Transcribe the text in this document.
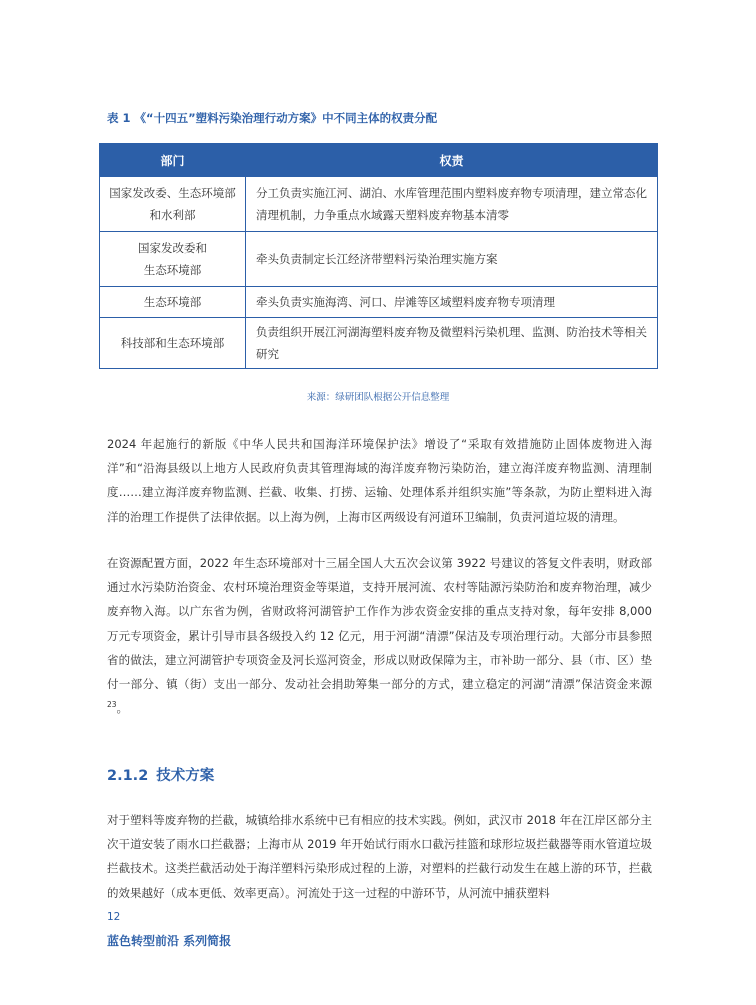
表 1 《“十四五”塑料污染治理行动方案》中不同主体的权责分配
部门	权责
国家发改委、生态环境部
和水利部	分工负责实施江河、湖泊、水库管理范围内塑料废弃物专项清理，建立常态化清理机制，力争重点水域露天塑料废弃物基本清零
国家发改委和
生态环境部	牵头负责制定长江经济带塑料污染治理实施方案
生态环境部	牵头负责实施海湾、河口、岸滩等区域塑料废弃物专项清理
科技部和生态环境部	负责组织开展江河湖海塑料废弃物及微塑料污染机理、监测、防治技术等相关研究
来源：绿研团队根据公开信息整理

2024 年起施行的新版《中华人民共和国海洋环境保护法》增设了“采取有效措施防止固体废物进入海洋”和“沿海县级以上地方人民政府负责其管理海域的海洋废弃物污染防治，建立海洋废弃物监测、清理制度……建立海洋废弃物监测、拦截、收集、打捞、运输、处理体系并组织实施”等条款，为防止塑料进入海洋的治理工作提供了法律依据。以上海为例，上海市区两级设有河道环卫编制，负责河道垃圾的清理。

在资源配置方面，2022 年生态环境部对十三届全国人大五次会议第 3922 号建议的答复文件表明，财政部通过水污染防治资金、农村环境治理资金等渠道，支持开展河流、农村等陆源污染防治和废弃物治理，减少废弃物入海。以广东省为例，省财政将河湖管护工作作为涉农资金安排的重点支持对象，每年安排 8,000 万元专项资金，累计引导市县各级投入约 12 亿元，用于河湖“清漂”保洁及专项治理行动。大部分市县参照省的做法，建立河湖管护专项资金及河长巡河资金，形成以财政保障为主，市补助一部分、县（市、区）垫付一部分、镇（街）支出一部分、发动社会捐助筹集一部分的方式，建立稳定的河湖“清漂”保洁资金来源$^{23}$。

2.1.2 技术方案

对于塑料等废弃物的拦截，城镇给排水系统中已有相应的技术实践。例如，武汉市 2018 年在江岸区部分主次干道安装了雨水口拦截器；上海市从 2019 年开始试行雨水口截污挂篮和球形垃圾拦截器等雨水管道垃圾拦截技术。这类拦截活动处于海洋塑料污染形成过程的上游，对塑料的拦截行动发生在越上游的环节，拦截的效果越好（成本更低、效率更高）。河流处于这一过程的中游环节，从河流中捕获塑料

12
蓝色转型前沿 系列简报
